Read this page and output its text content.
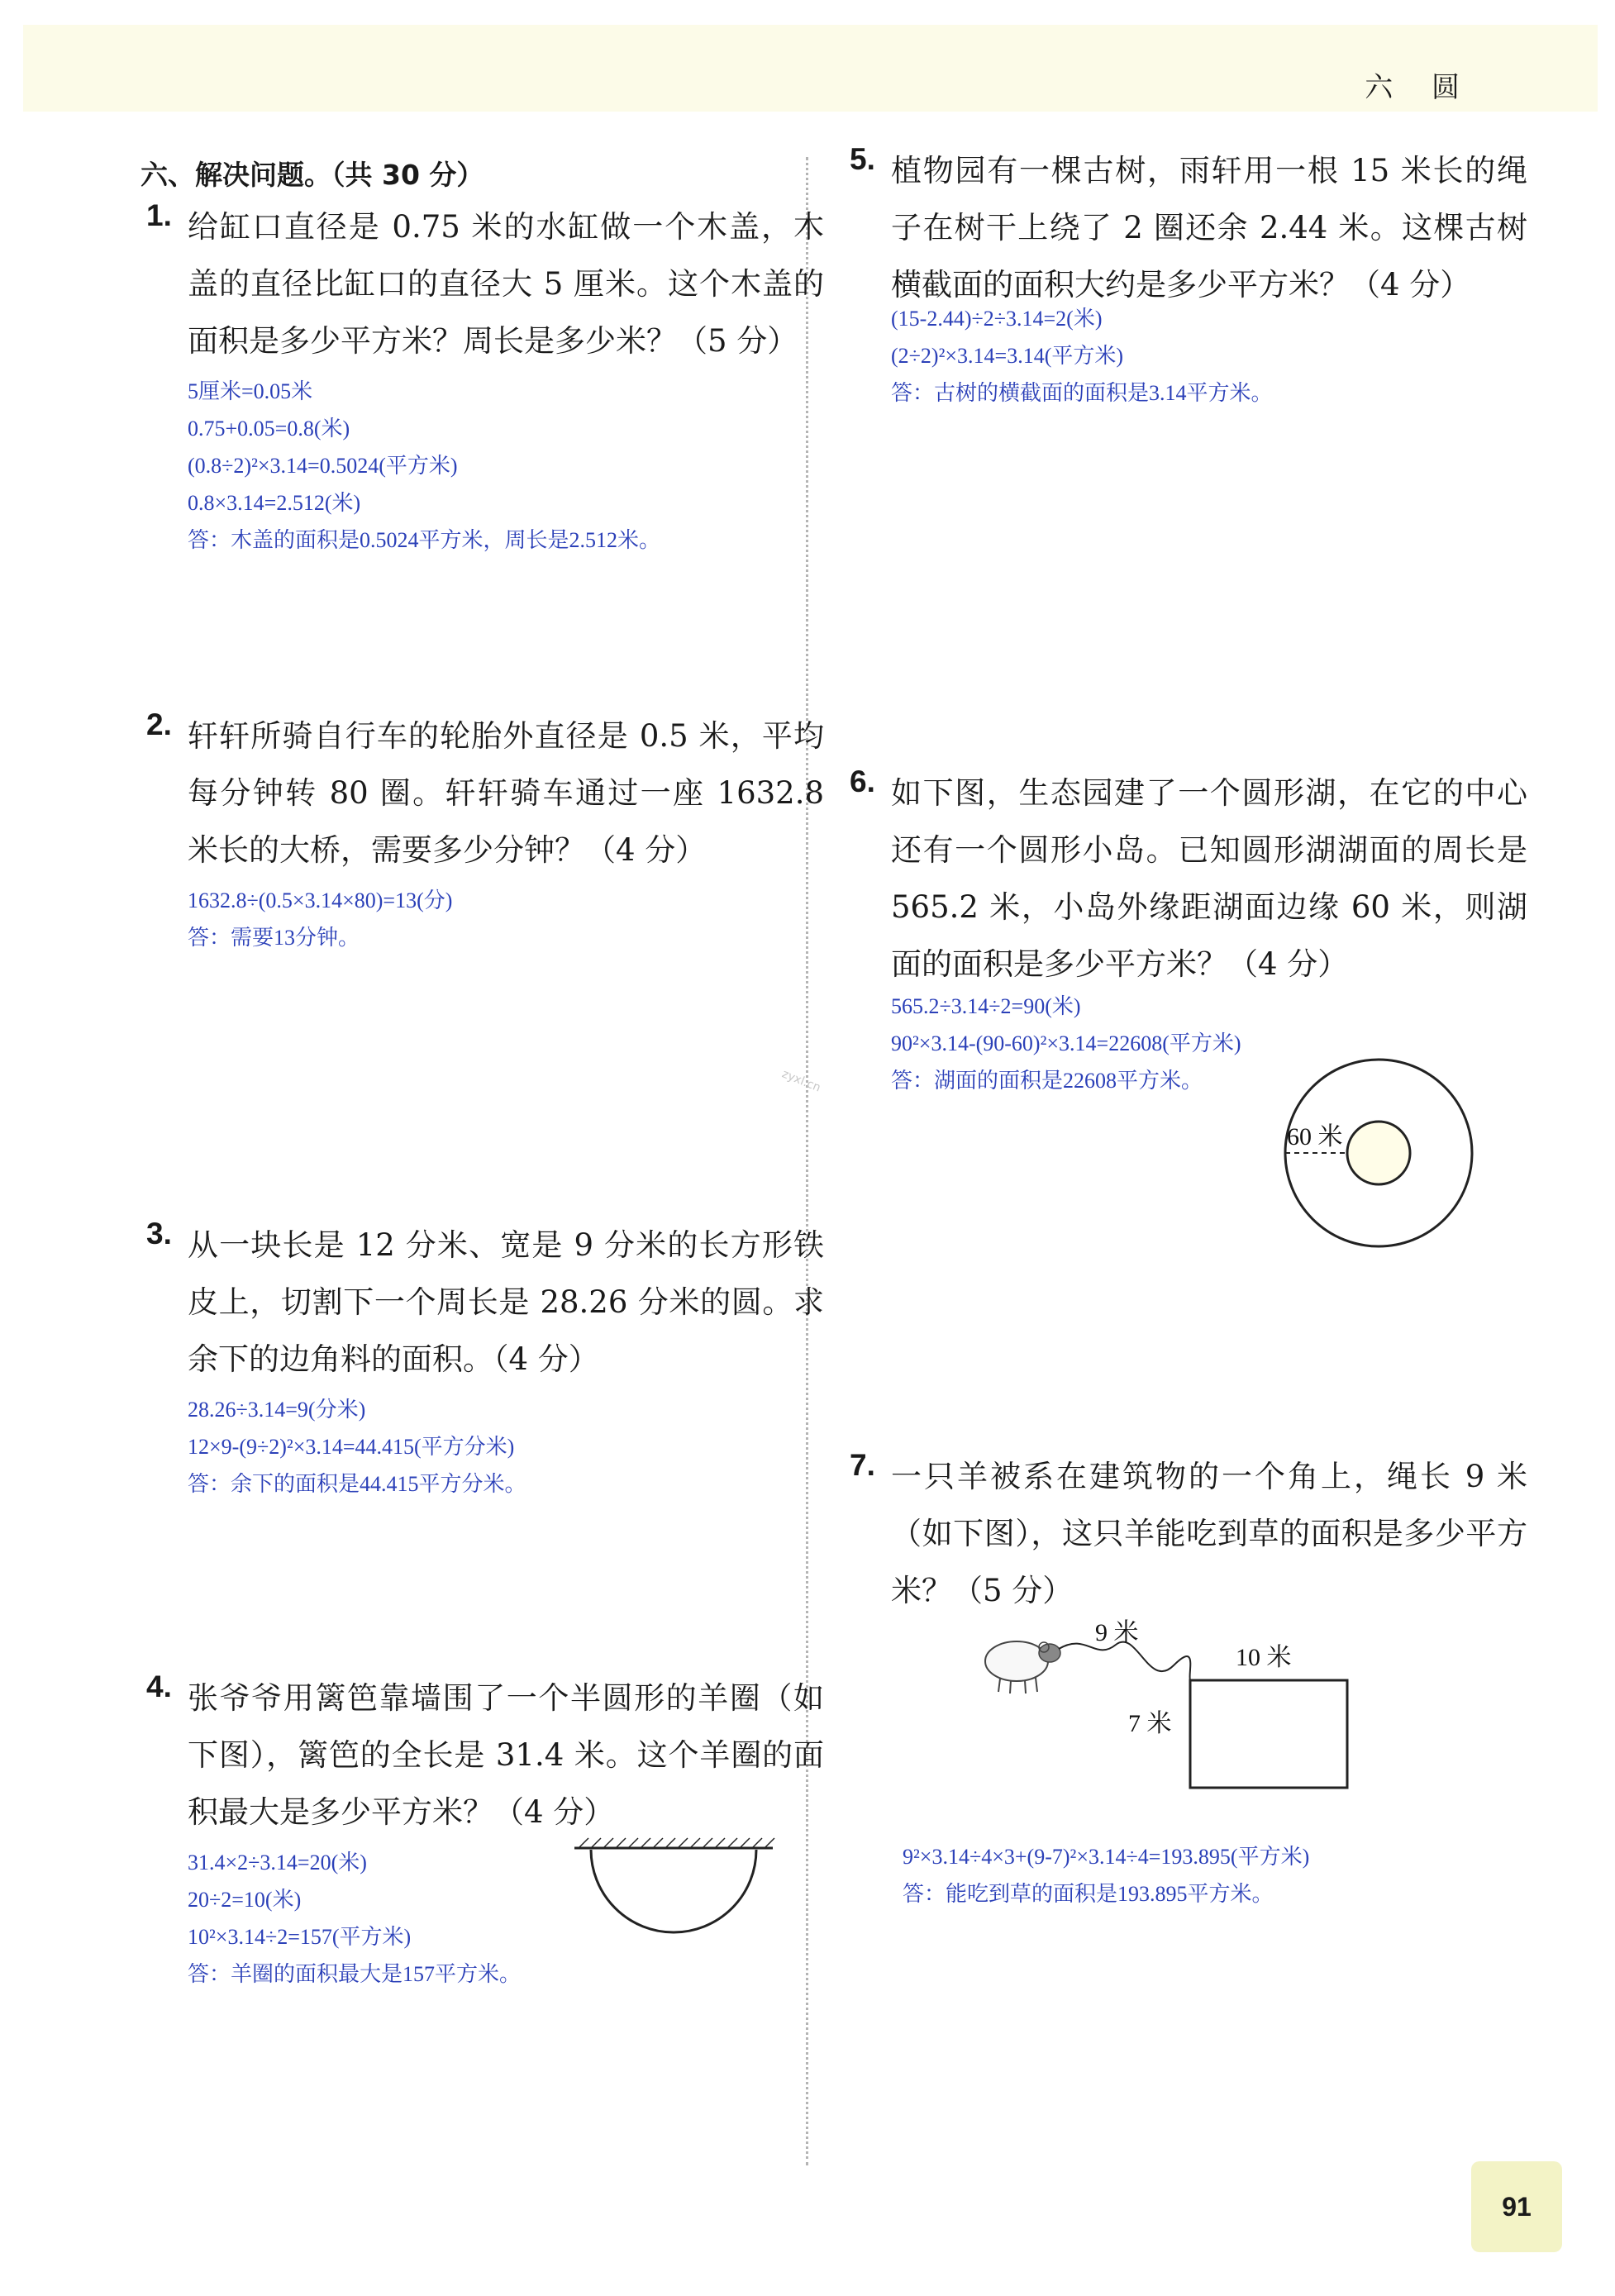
六 圆
六、解决问题。（共 30 分）
1. 给缸口直径是 0.75 米的水缸做一个木盖，木盖的直径比缸口的直径大 5 厘米。这个木盖的面积是多少平方米？周长是多少米？（5 分）
5厘米=0.05米
0.75+0.05=0.8(米)
(0.8÷2)²×3.14=0.5024(平方米)
0.8×3.14=2.512(米)
答：木盖的面积是0.5024平方米，周长是2.512米。
2. 轩轩所骑自行车的轮胎外直径是 0.5 米，平均每分钟转 80 圈。轩轩骑车通过一座 1632.8 米长的大桥，需要多少分钟？（4 分）
1632.8÷(0.5×3.14×80)=13(分)
答：需要13分钟。
3. 从一块长是 12 分米、宽是 9 分米的长方形铁皮上，切割下一个周长是 28.26 分米的圆。求余下的边角料的面积。（4 分）
28.26÷3.14=9(分米)
12×9-(9÷2)²×3.14=44.415(平方分米)
答：余下的面积是44.415平方分米。
4. 张爷爷用篱笆靠墙围了一个半圆形的羊圈（如下图），篱笆的全长是 31.4 米。这个羊圈的面积最大是多少平方米？（4 分）
31.4×2÷3.14=20(米)
20÷2=10(米)
10²×3.14÷2=157(平方米)
答：羊圈的面积最大是157平方米。
5. 植物园有一棵古树，雨轩用一根 15 米长的绳子在树干上绕了 2 圈还余 2.44 米。这棵古树横截面的面积大约是多少平方米？（4 分）
(15-2.44)÷2÷3.14=2(米)
(2÷2)²×3.14=3.14(平方米)
答：古树的横截面的面积是3.14平方米。
6. 如下图，生态园建了一个圆形湖，在它的中心还有一个圆形小岛。已知圆形湖湖面的周长是 565.2 米，小岛外缘距湖面边缘 60 米，则湖面的面积是多少平方米？（4 分）
565.2÷3.14÷2=90(米)
90²×3.14-(90-60)²×3.14=22608(平方米)
答：湖面的面积是22608平方米。
60 米
7. 一只羊被系在建筑物的一个角上，绳长 9 米（如下图），这只羊能吃到草的面积是多少平方米？（5 分）
9 米
10 米
7 米
9²×3.14÷4×3+(9-7)²×3.14÷4=193.895(平方米)
答：能吃到草的面积是193.895平方米。
zyxl.cn
91
